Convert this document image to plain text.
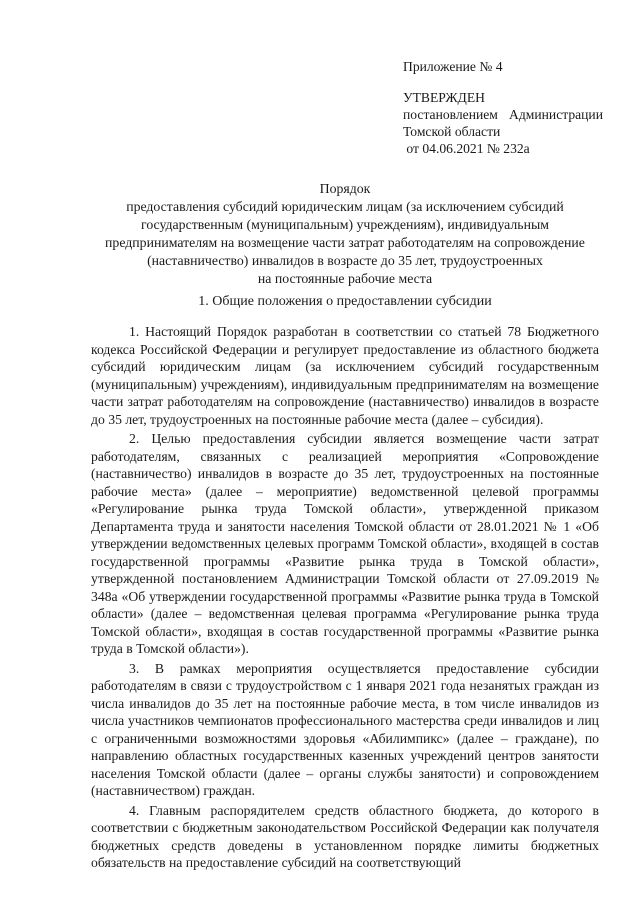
Приложение № 4
УТВЕРЖДЕН
постановлением Администрации
Томской области
от 04.06.2021 № 232а
Порядок
предоставления субсидий юридическим лицам (за исключением субсидий
государственным (муниципальным) учреждениям), индивидуальным
предпринимателям на возмещение части затрат работодателям на сопровождение
(наставничество) инвалидов в возрасте до 35 лет, трудоустроенных
на постоянные рабочие места
1. Общие положения о предоставлении субсидии

1. Настоящий Порядок разработан в соответствии со статьей 78 Бюджетного кодекса Российской Федерации и регулирует предоставление из областного бюджета субсидий юридическим лицам (за исключением субсидий государственным (муниципальным) учреждениям), индивидуальным предпринимателям на возмещение части затрат работодателям на сопровождение (наставничество) инвалидов в возрасте до 35 лет, трудоустроенных на постоянные рабочие места (далее – субсидия).

2. Целью предоставления субсидии является возмещение части затрат работодателям, связанных с реализацией мероприятия «Сопровождение (наставничество) инвалидов в возрасте до 35 лет, трудоустроенных на постоянные рабочие места» (далее – мероприятие) ведомственной целевой программы «Регулирование рынка труда Томской области», утвержденной приказом Департамента труда и занятости населения Томской области от 28.01.2021 № 1 «Об утверждении ведомственных целевых программ Томской области», входящей в состав государственной программы «Развитие рынка труда в Томской области», утвержденной постановлением Администрации Томской области от 27.09.2019 № 348а «Об утверждении государственной программы «Развитие рынка труда в Томской области» (далее – ведомственная целевая программа «Регулирование рынка труда Томской области», входящая в состав государственной программы «Развитие рынка труда в Томской области»).

3. В рамках мероприятия осуществляется предоставление субсидии работодателям в связи с трудоустройством с 1 января 2021 года незанятых граждан из числа инвалидов до 35 лет на постоянные рабочие места, в том числе инвалидов из числа участников чемпионатов профессионального мастерства среди инвалидов и лиц с ограниченными возможностями здоровья «Абилимпикс» (далее – граждане), по направлению областных государственных казенных учреждений центров занятости населения Томской области (далее – органы службы занятости) и сопровождением (наставничеством) граждан.

4. Главным распорядителем средств областного бюджета, до которого в соответствии с бюджетным законодательством Российской Федерации как получателя бюджетных средств доведены в установленном порядке лимиты бюджетных обязательств на предоставление субсидий на соответствующий
